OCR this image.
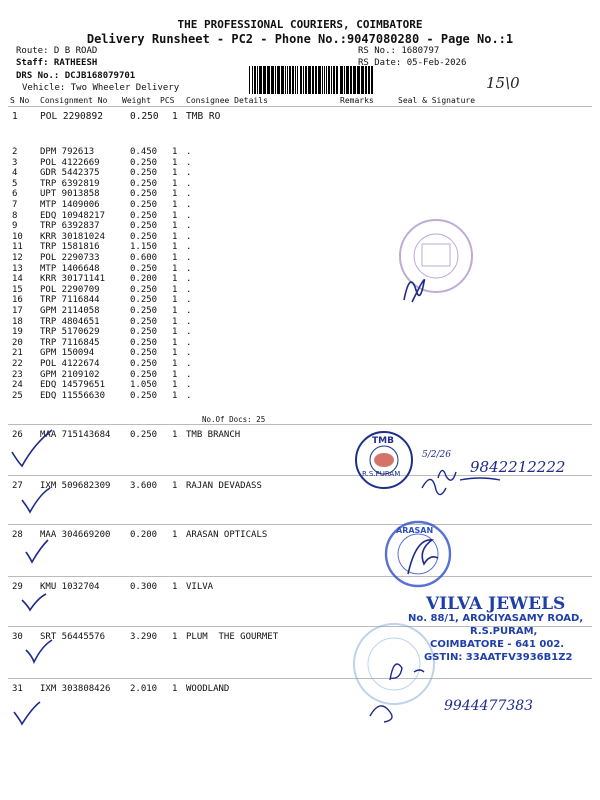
THE PROFESSIONAL COURIERS, COIMBATORE
Delivery Runsheet - PC2 - Phone No.:9047080280 - Page No.:1
Route: D B ROAD
Staff: RATHEESH
DRS No.: DCJB168079701
Vehicle: Two Wheeler Delivery

RS No.: 1680797
RS Date: 05-Feb-2026
15\0
S No Consignment No Weight PCS Consignee Details	Remarks	Seal & Signature
1 POL 2290892	0.250 1 TMB RO
2	DPM 792613	0.450 1 .
3	POL 4122669	0.250 1 .
4	GDR 5442375	0.250 1 .
5	TRP 6392819	0.250 1 .
6	UPT 9013858	0.250 1 .
7	MTP 1409006	0.250 1 .
8	EDQ 10948217	0.250 1 .
9	TRP 6392837	0.250 1 .
10 KRR 30181024	0.250 1 .
11 TRP 1581816	1.150 1 .
12 POL 2290733	0.600 1 .
13 MTP 1406648	0.250 1 .
14 KRR 30171141	0.200 1 .
15 POL 2290709	0.250 1 .
16 TRP 7116844	0.250 1 .
17 GPM 2114058	0.250 1 .
18 TRP 4804651	0.250 1 .
19 TRP 5170629	0.250 1 .
20 TRP 7116845	0.250 1 .
21 GPM 150094	0.250 1 .
22 POL 4122674	0.250 1 .
23 GPM 2109102	0.250 1 .
24 EDQ 14579651	1.050 1 .
25 EDQ 11556630	0.250 1 .
No.Of Docs: 25
26 MAA 715143684 0.250 1 TMB BRANCH
27 IXM 509682309 3.600 1 RAJAN DEVADASS
28 MAA 304669200 0.200 1 ARASAN OPTICALS
29 KMU 1032704	0.300 1 VILVA
30 SRT 56445576	3.290 1 PLUM  THE GOURMET
31 IXM 303808426 2.010 1 WOODLAND
TMB
R.S.PURAM
5/2/26
9842212222
ARASAN
VILVA JEWELS
No. 88/1, AROKIYASAMY ROAD,
R.S.PURAM,
COIMBATORE - 641 002.
GSTIN: 33AATFV3936B1Z2
9944477383
